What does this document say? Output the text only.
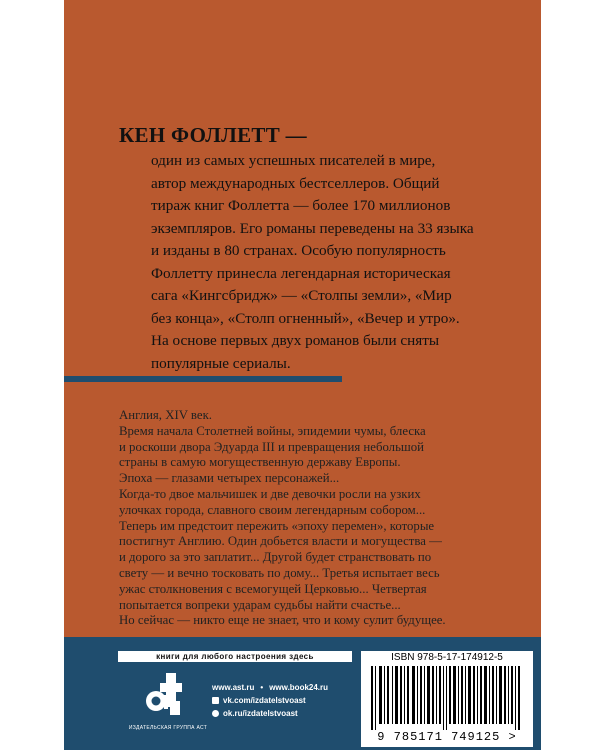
КЕН ФОЛЛЕТТ —
один из самых успешных писателей в мире,
автор международных бестселлеров. Общий
тираж книг Фоллетта — более 170 миллионов
экземпляров. Его романы переведены на 33 языка
и изданы в 80 странах. Особую популярность
Фоллетту принесла легендарная историческая
сага «Кингсбридж» — «Столпы земли», «Мир
без конца», «Столп огненный», «Вечер и утро».
На основе первых двух романов были сняты
популярные сериалы.
Англия, XIV век.
Время начала Столетней войны, эпидемии чумы, блеска
и роскоши двора Эдуарда III и превращения небольшой
страны в самую могущественную державу Европы.
Эпоха — глазами четырех персонажей...
Когда-то двое мальчишек и две девочки росли на узких
улочках города, славного своим легендарным собором...
Теперь им предстоит пережить «эпоху перемен», которые
постигнут Англию. Один добьется власти и могущества —
и дорого за это заплатит... Другой будет странствовать по
свету — и вечно тосковать по дому... Третья испытает весь
ужас столкновения с всемогущей Церковью... Четвертая
попытается вопреки ударам судьбы найти счастье...
Но сейчас — никто еще не знает, что и кому сулит будущее.
книги для любого настроения здесь
ИЗДАТЕЛЬСКАЯ ГРУППА АСТ
www.ast.ru • www.book24.ru
vk.com/izdatelstvoast
ok.ru/izdatelstvoast
ISBN 978-5-17-174912-5
9 785171 749125 >
